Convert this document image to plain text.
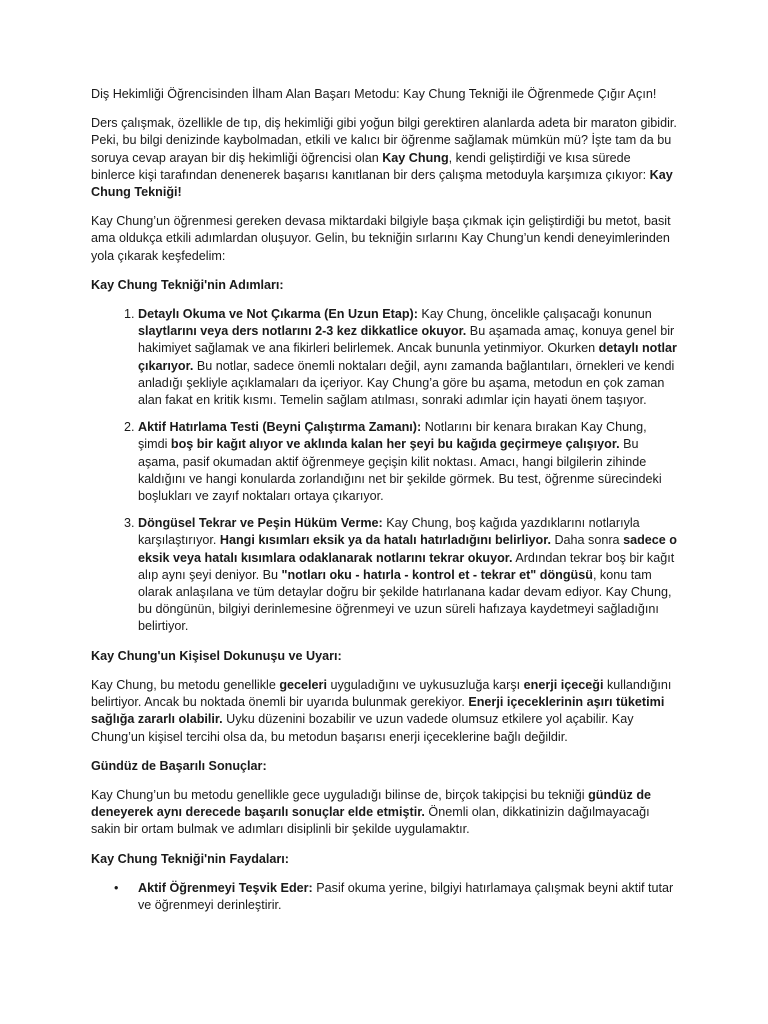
Diş Hekimliği Öğrencisinden İlham Alan Başarı Metodu: Kay Chung Tekniği ile Öğrenmede Çığır Açın!

Ders çalışmak, özellikle de tıp, diş hekimliği gibi yoğun bilgi gerektiren alanlarda adeta bir maraton gibidir. Peki, bu bilgi denizinde kaybolmadan, etkili ve kalıcı bir öğrenme sağlamak mümkün mü? İşte tam da bu soruya cevap arayan bir diş hekimliği öğrencisi olan Kay Chung, kendi geliştirdiği ve kısa sürede binlerce kişi tarafından denenerek başarısı kanıtlanan bir ders çalışma metoduyla karşımıza çıkıyor: Kay Chung Tekniği!

Kay Chung’un öğrenmesi gereken devasa miktardaki bilgiyle başa çıkmak için geliştirdiği bu metot, basit ama oldukça etkili adımlardan oluşuyor. Gelin, bu tekniğin sırlarını Kay Chung’un kendi deneyimlerinden yola çıkarak keşfedelim:

Kay Chung Tekniği'nin Adımları:

1. Detaylı Okuma ve Not Çıkarma (En Uzun Etap): Kay Chung, öncelikle çalışacağı konunun slaytlarını veya ders notlarını 2-3 kez dikkatlice okuyor. Bu aşamada amaç, konuya genel bir hakimiyet sağlamak ve ana fikirleri belirlemek. Ancak bununla yetinmiyor. Okurken detaylı notlar çıkarıyor. Bu notlar, sadece önemli noktaları değil, aynı zamanda bağlantıları, örnekleri ve kendi anladığı şekliyle açıklamaları da içeriyor. Kay Chung’a göre bu aşama, metodun en çok zaman alan fakat en kritik kısmı. Temelin sağlam atılması, sonraki adımlar için hayati önem taşıyor.
2. Aktif Hatırlama Testi (Beyni Çalıştırma Zamanı): Notlarını bir kenara bırakan Kay Chung, şimdi boş bir kağıt alıyor ve aklında kalan her şeyi bu kağıda geçirmeye çalışıyor. Bu aşama, pasif okumadan aktif öğrenmeye geçişin kilit noktası. Amacı, hangi bilgilerin zihinde kaldığını ve hangi konularda zorlandığını net bir şekilde görmek. Bu test, öğrenme sürecindeki boşlukları ve zayıf noktaları ortaya çıkarıyor.
3. Döngüsel Tekrar ve Peşin Hüküm Verme: Kay Chung, boş kağıda yazdıklarını notlarıyla karşılaştırıyor. Hangi kısımları eksik ya da hatalı hatırladığını belirliyor. Daha sonra sadece o eksik veya hatalı kısımlara odaklanarak notlarını tekrar okuyor. Ardından tekrar boş bir kağıt alıp aynı şeyi deniyor. Bu "notları oku - hatırla - kontrol et - tekrar et" döngüsü, konu tam olarak anlaşılana ve tüm detaylar doğru bir şekilde hatırlanana kadar devam ediyor. Kay Chung, bu döngünün, bilgiyi derinlemesine öğrenmeyi ve uzun süreli hafızaya kaydetmeyi sağladığını belirtiyor.

Kay Chung'un Kişisel Dokunuşu ve Uyarı:

Kay Chung, bu metodu genellikle geceleri uyguladığını ve uykusuzluğa karşı enerji içeceği kullandığını belirtiyor. Ancak bu noktada önemli bir uyarıda bulunmak gerekiyor. Enerji içeceklerinin aşırı tüketimi sağlığa zararlı olabilir. Uyku düzenini bozabilir ve uzun vadede olumsuz etkilere yol açabilir. Kay Chung’un kişisel tercihi olsa da, bu metodun başarısı enerji içeceklerine bağlı değildir.

Gündüz de Başarılı Sonuçlar:

Kay Chung’un bu metodu genellikle gece uyguladığı bilinse de, birçok takipçisi bu tekniği gündüz de deneyerek aynı derecede başarılı sonuçlar elde etmiştir. Önemli olan, dikkatinizin dağılmayacağı sakin bir ortam bulmak ve adımları disiplinli bir şekilde uygulamaktır.

Kay Chung Tekniği'nin Faydaları:

• Aktif Öğrenmeyi Teşvik Eder: Pasif okuma yerine, bilgiyi hatırlamaya çalışmak beyni aktif tutar ve öğrenmeyi derinleştirir.
